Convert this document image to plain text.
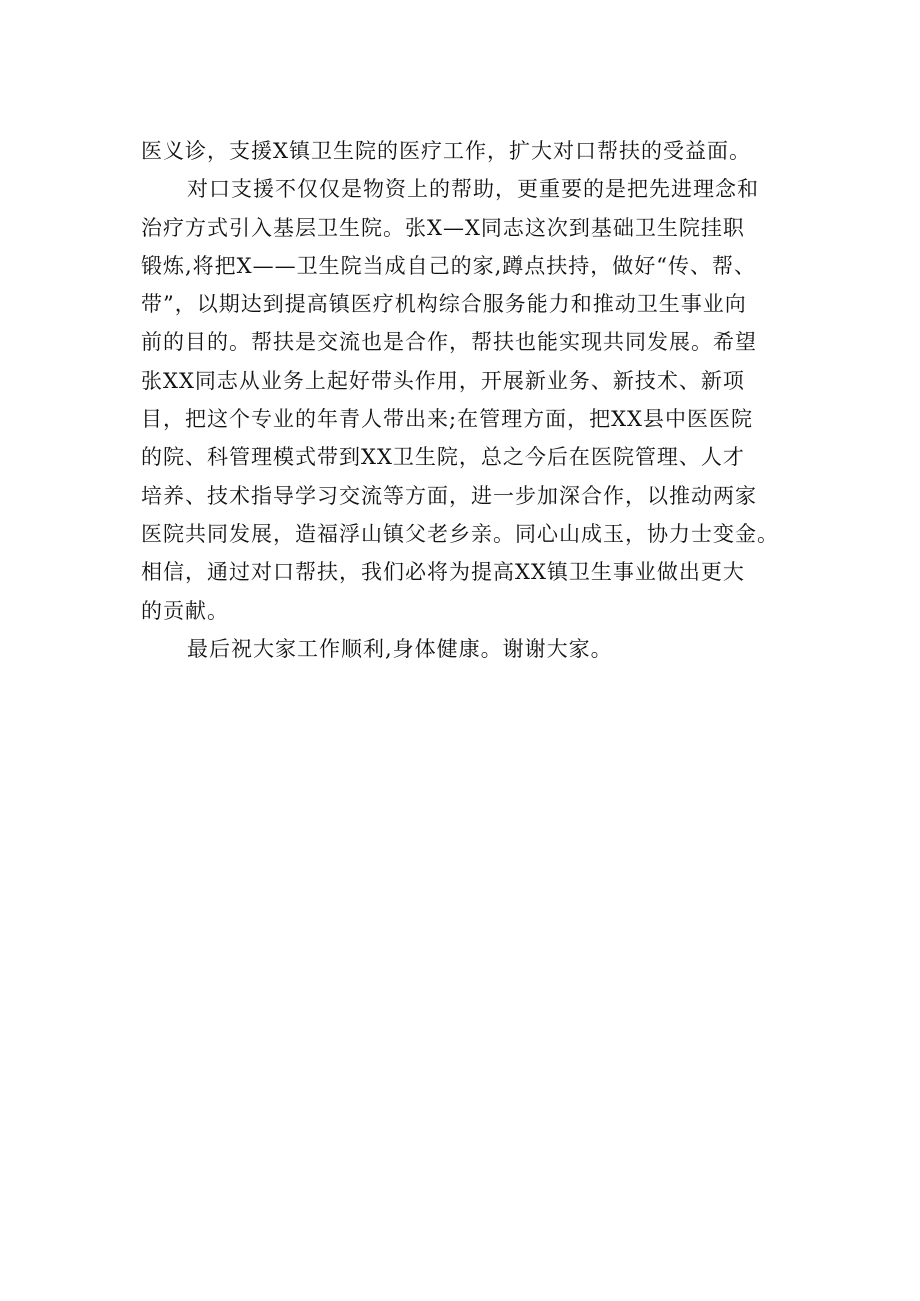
医义诊，支援X镇卫生院的医疗工作，扩大对口帮扶的受益面。
对口支援不仅仅是物资上的帮助，更重要的是把先进理念和
治疗方式引入基层卫生院。张X—X同志这次到基础卫生院挂职
锻炼,将把X——卫生院当成自己的家,蹲点扶持，做好“传、帮、
带”，以期达到提高镇医疗机构综合服务能力和推动卫生事业向
前的目的。帮扶是交流也是合作，帮扶也能实现共同发展。希望
张XX同志从业务上起好带头作用，开展新业务、新技术、新项
目，把这个专业的年青人带出来;在管理方面，把XX县中医医院
的院、科管理模式带到XX卫生院，总之今后在医院管理、人才
培养、技术指导学习交流等方面，进一步加深合作，以推动两家
医院共同发展，造福浮山镇父老乡亲。同心山成玉，协力士变金。
相信，通过对口帮扶，我们必将为提高XX镇卫生事业做出更大
的贡献。
最后祝大家工作顺利,身体健康。谢谢大家。
